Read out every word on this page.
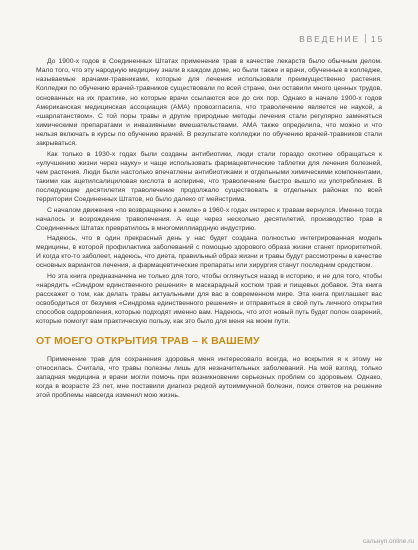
ВВЕДЕНИЕ 15

До 1900-х годов в Соединенных Штатах применение трав в качестве лекарств было обычным делом. Мало того, что эту народную медицину знали в каждом доме, но были также и врачи, обученные в колледже, называемые врачами-травниками, которые для лечения использовали преимущественно растения. Колледжи по обучению врачей-травников существовали по всей стране, они оставили много ценных трудов, основанных на их практике, но которые врачи ссылаются все до сих пор. Однако в начале 1900-х годов Американская медицинская ассоциация (АМА) провозгласила, что траволечение является не наукой, а «шарлатанством». С той поры травы и другие природные методы лечения стали регулярно заменяться химическими препаратами и инвазивными вмешательствами. АМА также определила, что можно и что нельзя включать в курсы по обучению врачей. В результате колледжи по обучению врачей-травников стали закрываться.

Как только в 1930-х годах были созданы антибиотики, люди стали гораздо охотнее обращаться к «улучшению жизни через науку» и чаще использовать фармацевтические таблетки для лечения болезней, чем растения. Люди были настолько впечатлены антибиотиками и отдельными химическими компонентами, такими как ацетилсалициловая кислота в аспирине, что траволечение быстро вышло из употребления. В последующие десятилетия траволечение продолжало существовать в отдельных районах по всей территории Соединенных Штатов, но было далеко от мейнстрима.

С началом движения «по возвращению к земле» в 1960-х годах интерес к травам вернулся. Именно тогда началось и возрождение траволечения. А еще через несколько десятилетий, производство трав в Соединенных Штатах превратилось в многомиллиардную индустрию.

Надеюсь, что в один прекрасный день у нас будет создана полностью интегрированная модель медицины, в которой профилактика заболеваний с помощью здорового образа жизни станет приоритетной. И когда кто-то заболеет, надеюсь, что диета, правильный образ жизни и травы будут рассмотрены в качестве основных вариантов лечения, а фармацевтические препараты или хирургия станут последним средством.

Но эта книга предназначена не только для того, чтобы оглянуться назад в историю, и не для того, чтобы «нарядить «Синдром единственного решения» в маскарадный костюм трав и пищевых добавок. Эта книга расскажет о том, как делать травы актуальными для вас в современном мире. Эта книга приглашает вас освободиться от безумия «Синдрома единственного решения» и отправиться в свой путь личного открытия способов оздоровления, которые подходят именно вам. Надеюсь, что этот новый путь будет полон озарений, которые помогут вам практическую пользу, как это было для меня на моем пути.

ОТ МОЕГО ОТКРЫТИЯ ТРАВ – К ВАШЕМУ

Применение трав для сохранения здоровья меня интересовало всегда, но вскрытия я к этому не относилась. Считала, что травы полезны лишь для незначительных заболеваний. На мой взгляд, только западная медицина и врачи могли помочь при возникновении серьезных проблем со здоровьем. Однако, когда в возрасте 23 лет, мне поставили диагноз редкой аутоиммунной болезни, поиск ответов на решение этой проблемы навсегда изменил мою жизнь.

сальнуп.online.ru
